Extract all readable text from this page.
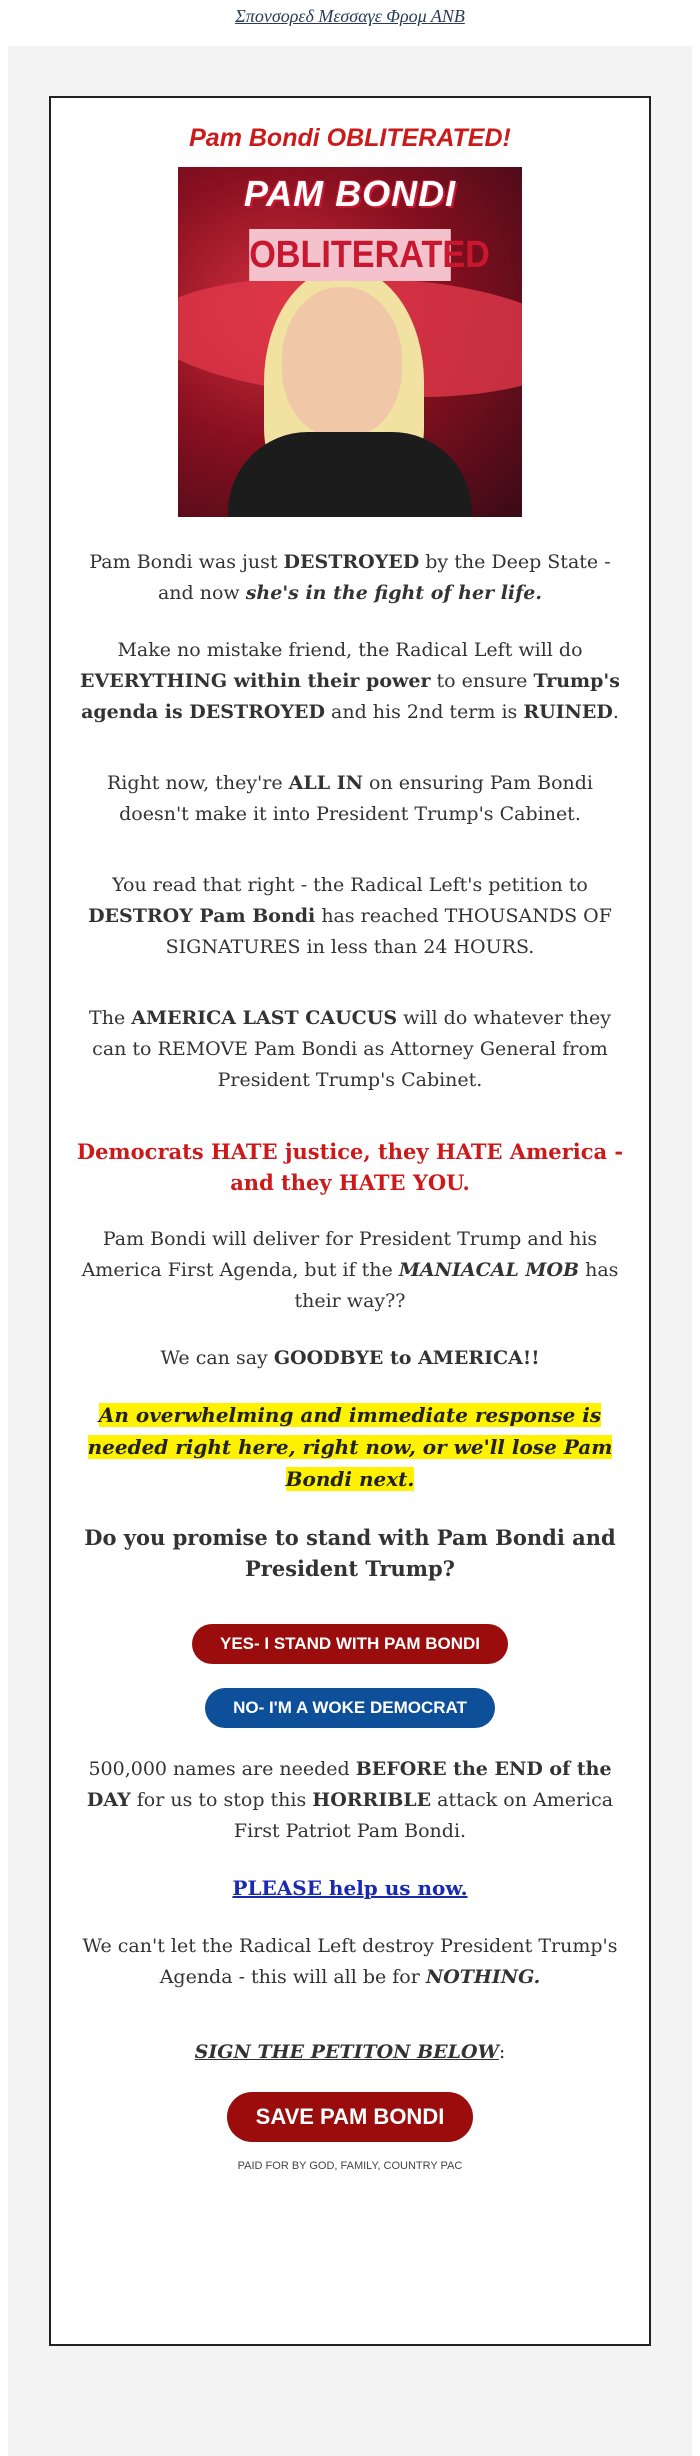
Σπονσορεδ Μεσσαγε Φρομ ΑΝΒ
Pam Bondi OBLITERATED!
PAM BONDI
OBLITERATED

Pam Bondi was just DESTROYED by the Deep State - and now she's in the fight of her life.

Make no mistake friend, the Radical Left will do EVERYTHING within their power to ensure Trump's agenda is DESTROYED and his 2nd term is RUINED.

Right now, they're ALL IN on ensuring Pam Bondi doesn't make it into President Trump's Cabinet.

You read that right - the Radical Left's petition to DESTROY Pam Bondi has reached THOUSANDS OF SIGNATURES in less than 24 HOURS.

The AMERICA LAST CAUCUS will do whatever they can to REMOVE Pam Bondi as Attorney General from President Trump's Cabinet.

Democrats HATE justice, they HATE America - and they HATE YOU.

Pam Bondi will deliver for President Trump and his America First Agenda, but if the MANIACAL MOB has their way??

We can say GOODBYE to AMERICA!!

An overwhelming and immediate response is needed right here, right now, or we'll lose Pam Bondi next.

Do you promise to stand with Pam Bondi and President Trump?

YES- I STAND WITH PAM BONDI
NO- I'M A WOKE DEMOCRAT

500,000 names are needed BEFORE the END of the DAY for us to stop this HORRIBLE attack on America First Patriot Pam Bondi.

PLEASE help us now.

We can't let the Radical Left destroy President Trump's Agenda - this will all be for NOTHING.

SIGN THE PETITON BELOW:

SAVE PAM BONDI
PAID FOR BY GOD, FAMILY, COUNTRY PAC
